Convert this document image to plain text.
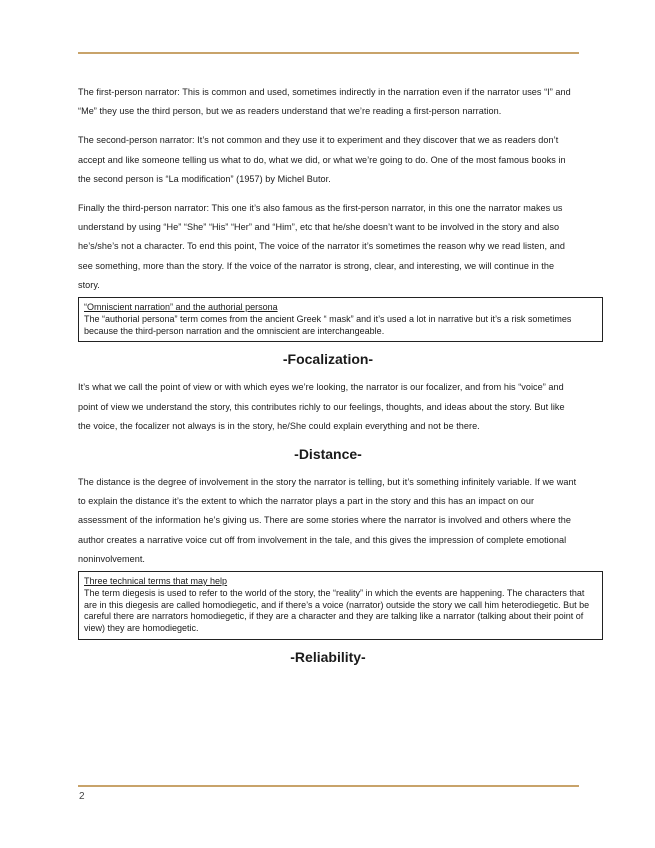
The first-person narrator: This is common and used, sometimes indirectly in the narration even if the narrator uses “I” and “Me” they use the third person, but we as readers understand that we’re reading a first-person narration.

The second-person narrator: It’s not common and they use it to experiment and they discover that we as readers don’t accept and like someone telling us what to do, what we did, or what we’re going to do. One of the most famous books in the second person is “La modification” (1957) by Michel Butor.

Finally the third-person narrator: This one it’s also famous as the first-person narrator, in this one the narrator makes us understand by using “He” “She” “His” “Her” and “Him”, etc that he/she doesn’t want to be involved in the story and also he’s/she’s not a character. To end this point, The voice of the narrator it’s sometimes the reason why we read listen, and see something, more than the story. If the voice of the narrator is strong, clear, and interesting, we will continue in the story.

“Omniscient narration” and the authorial persona
The “authorial persona” term comes from the ancient Greek “ mask” and it’s used a lot in narrative but it’s a risk sometimes because the third-person narration and the omniscient are interchangeable.
-Focalization-

It’s what we call the point of view or with which eyes we’re looking, the narrator is our focalizer, and from his “voice” and point of view we understand the story, this contributes richly to our feelings, thoughts, and ideas about the story. But like the voice, the focalizer not always is in the story, he/She could explain everything and not be there.

-Distance-

The distance is the degree of involvement in the story the narrator is telling, but it’s something infinitely variable. If we want to explain the distance it’s the extent to which the narrator plays a part in the story and this has an impact on our assessment of the information he’s giving us. There are some stories where the narrator is involved and others where the author creates a narrative voice cut off from involvement in the tale, and this gives the impression of complete emotional noninvolvement.

Three technical terms that may help
The term diegesis is used to refer to the world of the story, the “reality” in which the events are happening. The characters that are in this diegesis are called homodiegetic, and if there’s a voice (narrator) outside the story we call him heterodiegetic. But be careful there are narrators homodiegetic, if they are a character and they are talking like a narrator (talking about their point of view) they are homodiegetic.
-Reliability-
2
